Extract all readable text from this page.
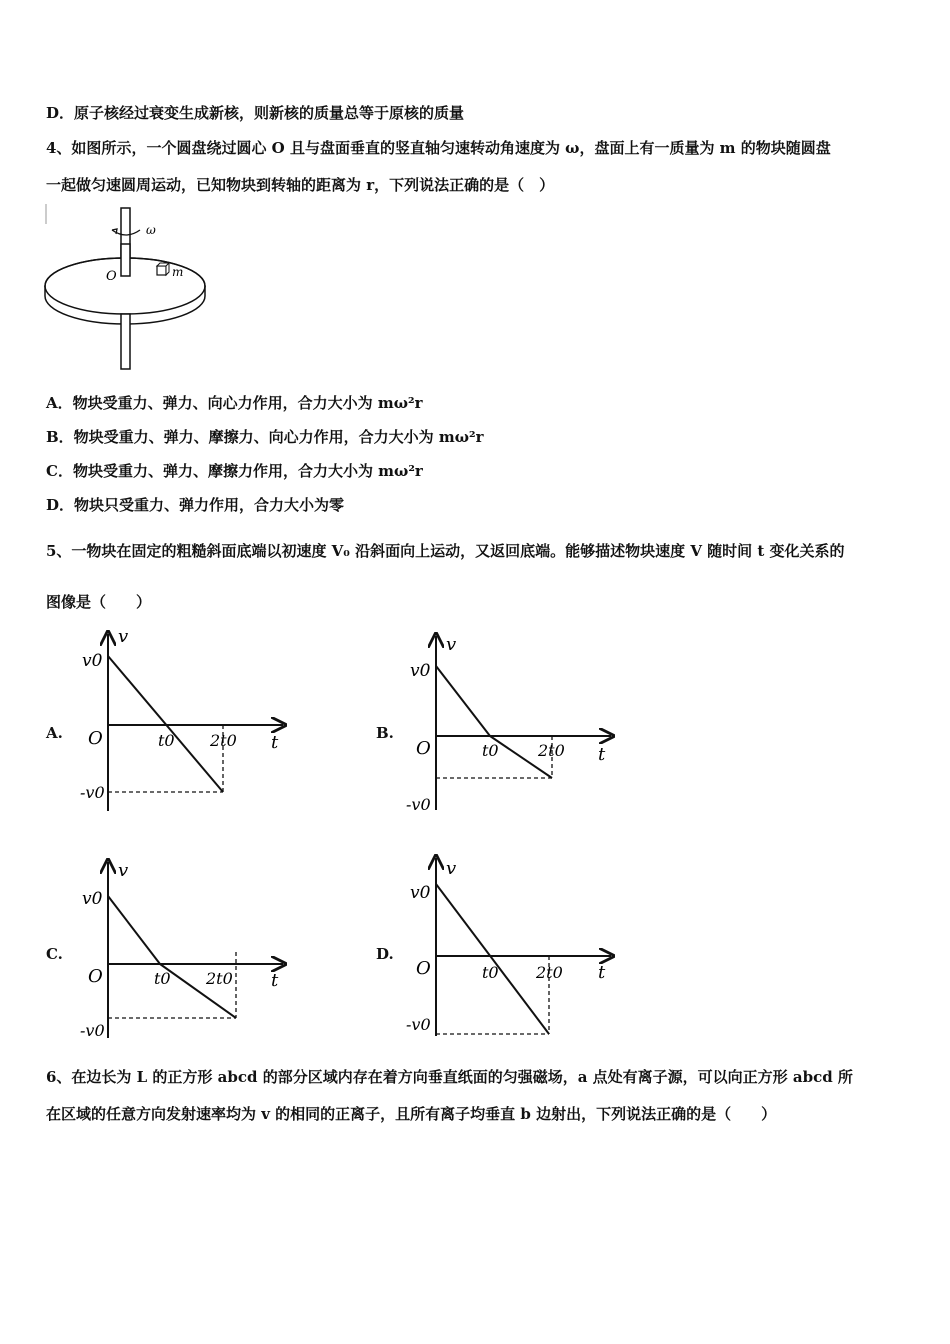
D．原子核经过衰变生成新核，则新核的质量总等于原核的质量
4、如图所示，一个圆盘绕过圆心 O 且与盘面垂直的竖直轴匀速转动角速度为 ω，盘面上有一质量为 m 的物块随圆盘
一起做匀速圆周运动，已知物块到转轴的距离为 r，下列说法正确的是（　）
ω
O	m
A．物块受重力、弹力、向心力作用，合力大小为 mω²r
B．物块受重力、弹力、摩擦力、向心力作用，合力大小为 mω²r
C．物块受重力、弹力、摩擦力作用，合力大小为 mω²r
D．物块只受重力、弹力作用，合力大小为零
5、一物块在固定的粗糙斜面底端以初速度 V₀ 沿斜面向上运动，又返回底端。能够描述物块速度 V 随时间 t 变化关系的
图像是（　　）
A.	B.
C.	D.
v
v0
O	t0 2t0 t
-v0
v
v0
O	t0 2t0 t
-v0
v
v0
O	t0 2t0 t
-v0
v
v0
O	t0 2t0 t
-v0
6、在边长为 L 的正方形 abcd 的部分区域内存在着方向垂直纸面的匀强磁场，a 点处有离子源，可以向正方形 abcd 所
在区域的任意方向发射速率均为 v 的相同的正离子，且所有离子均垂直 b 边射出，下列说法正确的是（　　）
